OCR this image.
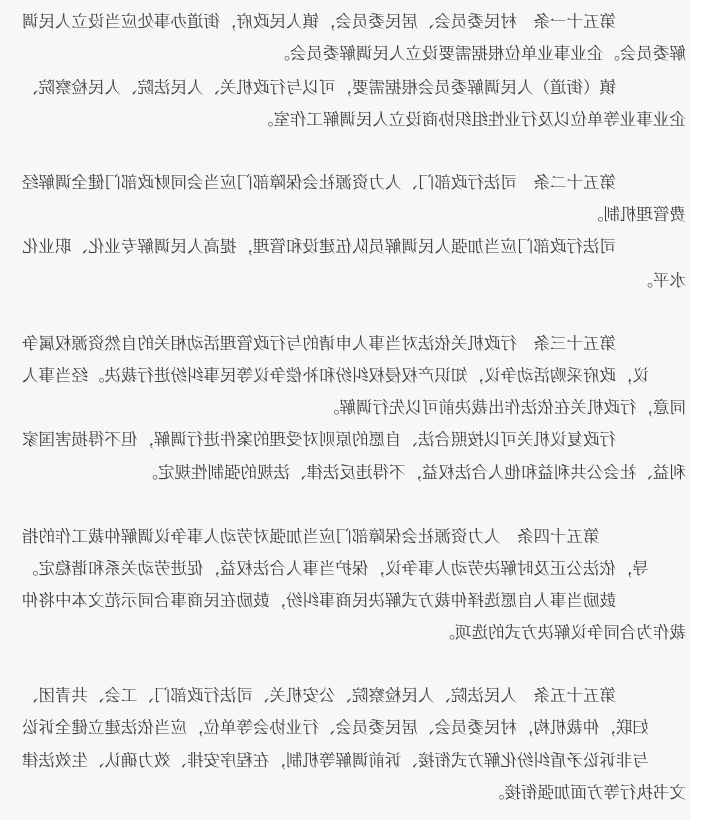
第五十一条　村民委员会、居民委员会，镇人民政府，街道办事处应当设立人民调

解委员会。企业事业单位根据需要设立人民调解委员会。

镇（街道）人民调解委员会根据需要，可以与行政机关、人民法院、人民检察院、

企业事业等单位以及行业性组织协商设立人民调解工作室。

第五十二条　司法行政部门、人力资源社会保障部门应当会同财政部门健全调解经

费管理机制。

司法行政部门应当加强人民调解员队伍建设和管理，提高人民调解专业化、职业化

水平。

第五十三条　行政机关依法对当事人申请的与行政管理活动相关的自然资源权属争

议，政府采购活动争议，知识产权侵权纠纷和补偿争议等民事纠纷进行裁决。经当事人

同意，行政机关在依法作出裁决前可以先行调解。

行政复议机关可以按照合法、自愿的原则对受理的案件进行调解，但不得损害国家

利益、社会公共利益和他人合法权益，不得违反法律、法规的强制性规定。

第五十四条　人力资源社会保障部门应当加强对劳动人事争议调解仲裁工作的指

导，依法公正及时解决劳动人事争议，保护当事人合法权益，促进劳动关系和谐稳定。

鼓励当事人自愿选择仲裁方式解决民商事纠纷，鼓励在民商事合同示范文本中将仲

裁作为合同争议解决方式的选项。

第五十五条　人民法院、人民检察院、公安机关、司法行政部门、工会、共青团、

妇联，仲裁机构，村民委员会、居民委员会、行业协会等单位，应当依法建立健全诉讼

与非诉讼矛盾纠纷化解方式衔接、诉前调解等机制，在程序安排、效力确认、生效法律

文书执行等方面加强衔接。
